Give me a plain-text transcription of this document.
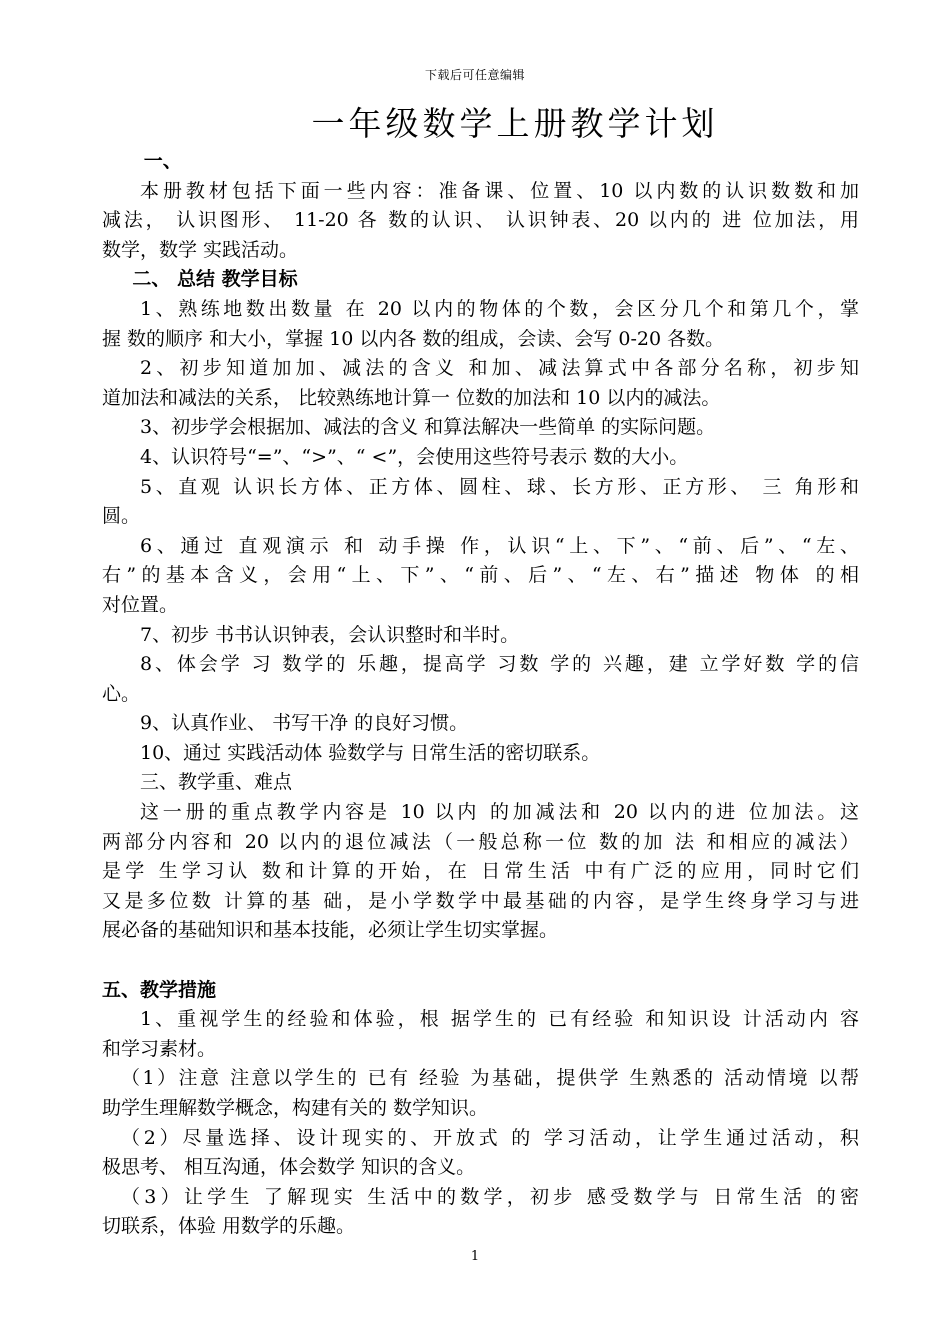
下载后可任意编辑
一年级数学上册教学计划

一、

本册教材包括下面一些内容：准备课、位置、10 以内数的认识数数和加

减法， 认识图形、 11-20 各 数的认识、 认识钟表、20 以内的 进 位加法，用

数学，数学 实践活动。

二、 总结 教学目标

1、熟练地数出数量 在 20 以内的物体的个数，会区分几个和第几个，掌

握 数的顺序 和大小，掌握 10 以内各 数的组成，会读、会写 0-20 各数。

2、初步知道加加、减法的含义 和加、减法算式中各部分名称，初步知

道加法和减法的关系， 比较熟练地计算一 位数的加法和 10 以内的减法。

3、初步学会根据加、减法的含义 和算法解决一些简单 的实际问题。

4、认识符号“=”、“>”、“ <”，会使用这些符号表示 数的大小。

5、直观 认识长方体、正方体、圆柱、球、长方形、正方形、 三 角形和

圆。

6、通过 直观演示 和 动手操 作，认识“上、下”、“前、后”、“左、

右”的基本含义，会用“上、下”、“前、后”、“左、右”描述 物体 的相

对位置。

7、初步 书书认识钟表，会认识整时和半时。

8、体会学 习 数学的 乐趣，提高学 习数 学的 兴趣，建 立学好数 学的信

心。

9、认真作业、 书写干净 的良好习惯。

10、通过 实践活动体 验数学与 日常生活的密切联系。

三、教学重、难点

这一册的重点教学内容是 10 以内 的加减法和 20 以内的进 位加法。这

两部分内容和 20 以内的退位减法（一般总称一位 数的加 法 和相应的减法）

是学 生学习认 数和计算的开始，在 日常生活 中有广泛的应用，同时它们

又是多位数 计算的基 础，是小学数学中最基础的内容，是学生终身学习与进

展必备的基础知识和基本技能，必须让学生切实掌握。

五、教学措施

1、重视学生的经验和体验，根 据学生的 已有经验 和知识设 计活动内 容

和学习素材。

（1）注意 注意以学生的 已有 经验 为基础，提供学 生熟悉的 活动情境 以帮

助学生理解数学概念，构建有关的 数学知识。

（2）尽量选择、设计现实的、开放式 的 学习活动，让学生通过活动，积

极思考、 相互沟通，体会数学 知识的含义。

（3）让学生 了解现实 生活中的数学，初步 感受数学与 日常生活 的密

切联系，体验 用数学的乐趣。

1
